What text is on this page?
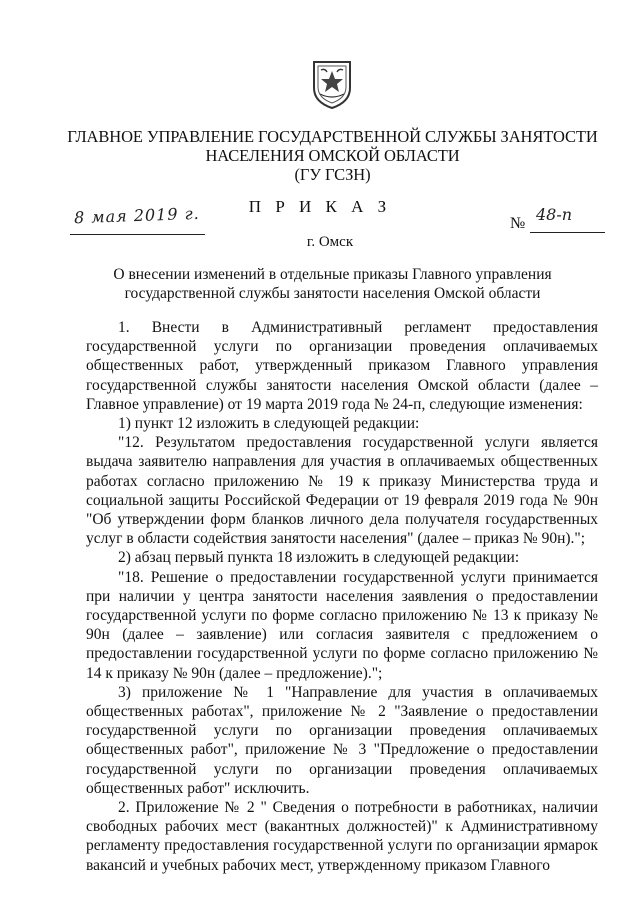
ГЛАВНОЕ УПРАВЛЕНИЕ ГОСУДАРСТВЕННОЙ СЛУЖБЫ ЗАНЯТОСТИ
НАСЕЛЕНИЯ ОМСКОЙ ОБЛАСТИ
(ГУ ГСЗН)
П Р И К А З
8 мая 2019 г.	№ 48-п
г. Омск
О внесении изменений в отдельные приказы Главного управления
государственной службы занятости населения Омской области

1. Внести в Административный регламент предоставления государственной услуги по организации проведения оплачиваемых общественных работ, утвержденный приказом Главного управления государственной службы занятости населения Омской области (далее – Главное управление) от 19 марта 2019 года № 24-п, следующие изменения:

1) пункт 12 изложить в следующей редакции:

"12. Результатом предоставления государственной услуги является выдача заявителю направления для участия в оплачиваемых общественных работах согласно приложению № 19 к приказу Министерства труда и социальной защиты Российской Федерации от 19 февраля 2019 года № 90н "Об утверждении форм бланков личного дела получателя государственных услуг в области содействия занятости населения" (далее – приказ № 90н).";

2) абзац первый пункта 18 изложить в следующей редакции:

"18. Решение о предоставлении государственной услуги принимается при наличии у центра занятости населения заявления о предоставлении государственной услуги по форме согласно приложению № 13 к приказу № 90н (далее – заявление) или согласия заявителя с предложением о предоставлении государственной услуги по форме согласно приложению № 14 к приказу № 90н (далее – предложение).";

3) приложение № 1 "Направление для участия в оплачиваемых общественных работах", приложение № 2 "Заявление о предоставлении государственной услуги по организации проведения оплачиваемых общественных работ", приложение № 3 "Предложение о предоставлении государственной услуги по организации проведения оплачиваемых общественных работ" исключить.

2. Приложение № 2 " Сведения о потребности в работниках, наличии свободных рабочих мест (вакантных должностей)" к Административному регламенту предоставления государственной услуги по организации ярмарок вакансий и учебных рабочих мест, утвержденному приказом Главного
